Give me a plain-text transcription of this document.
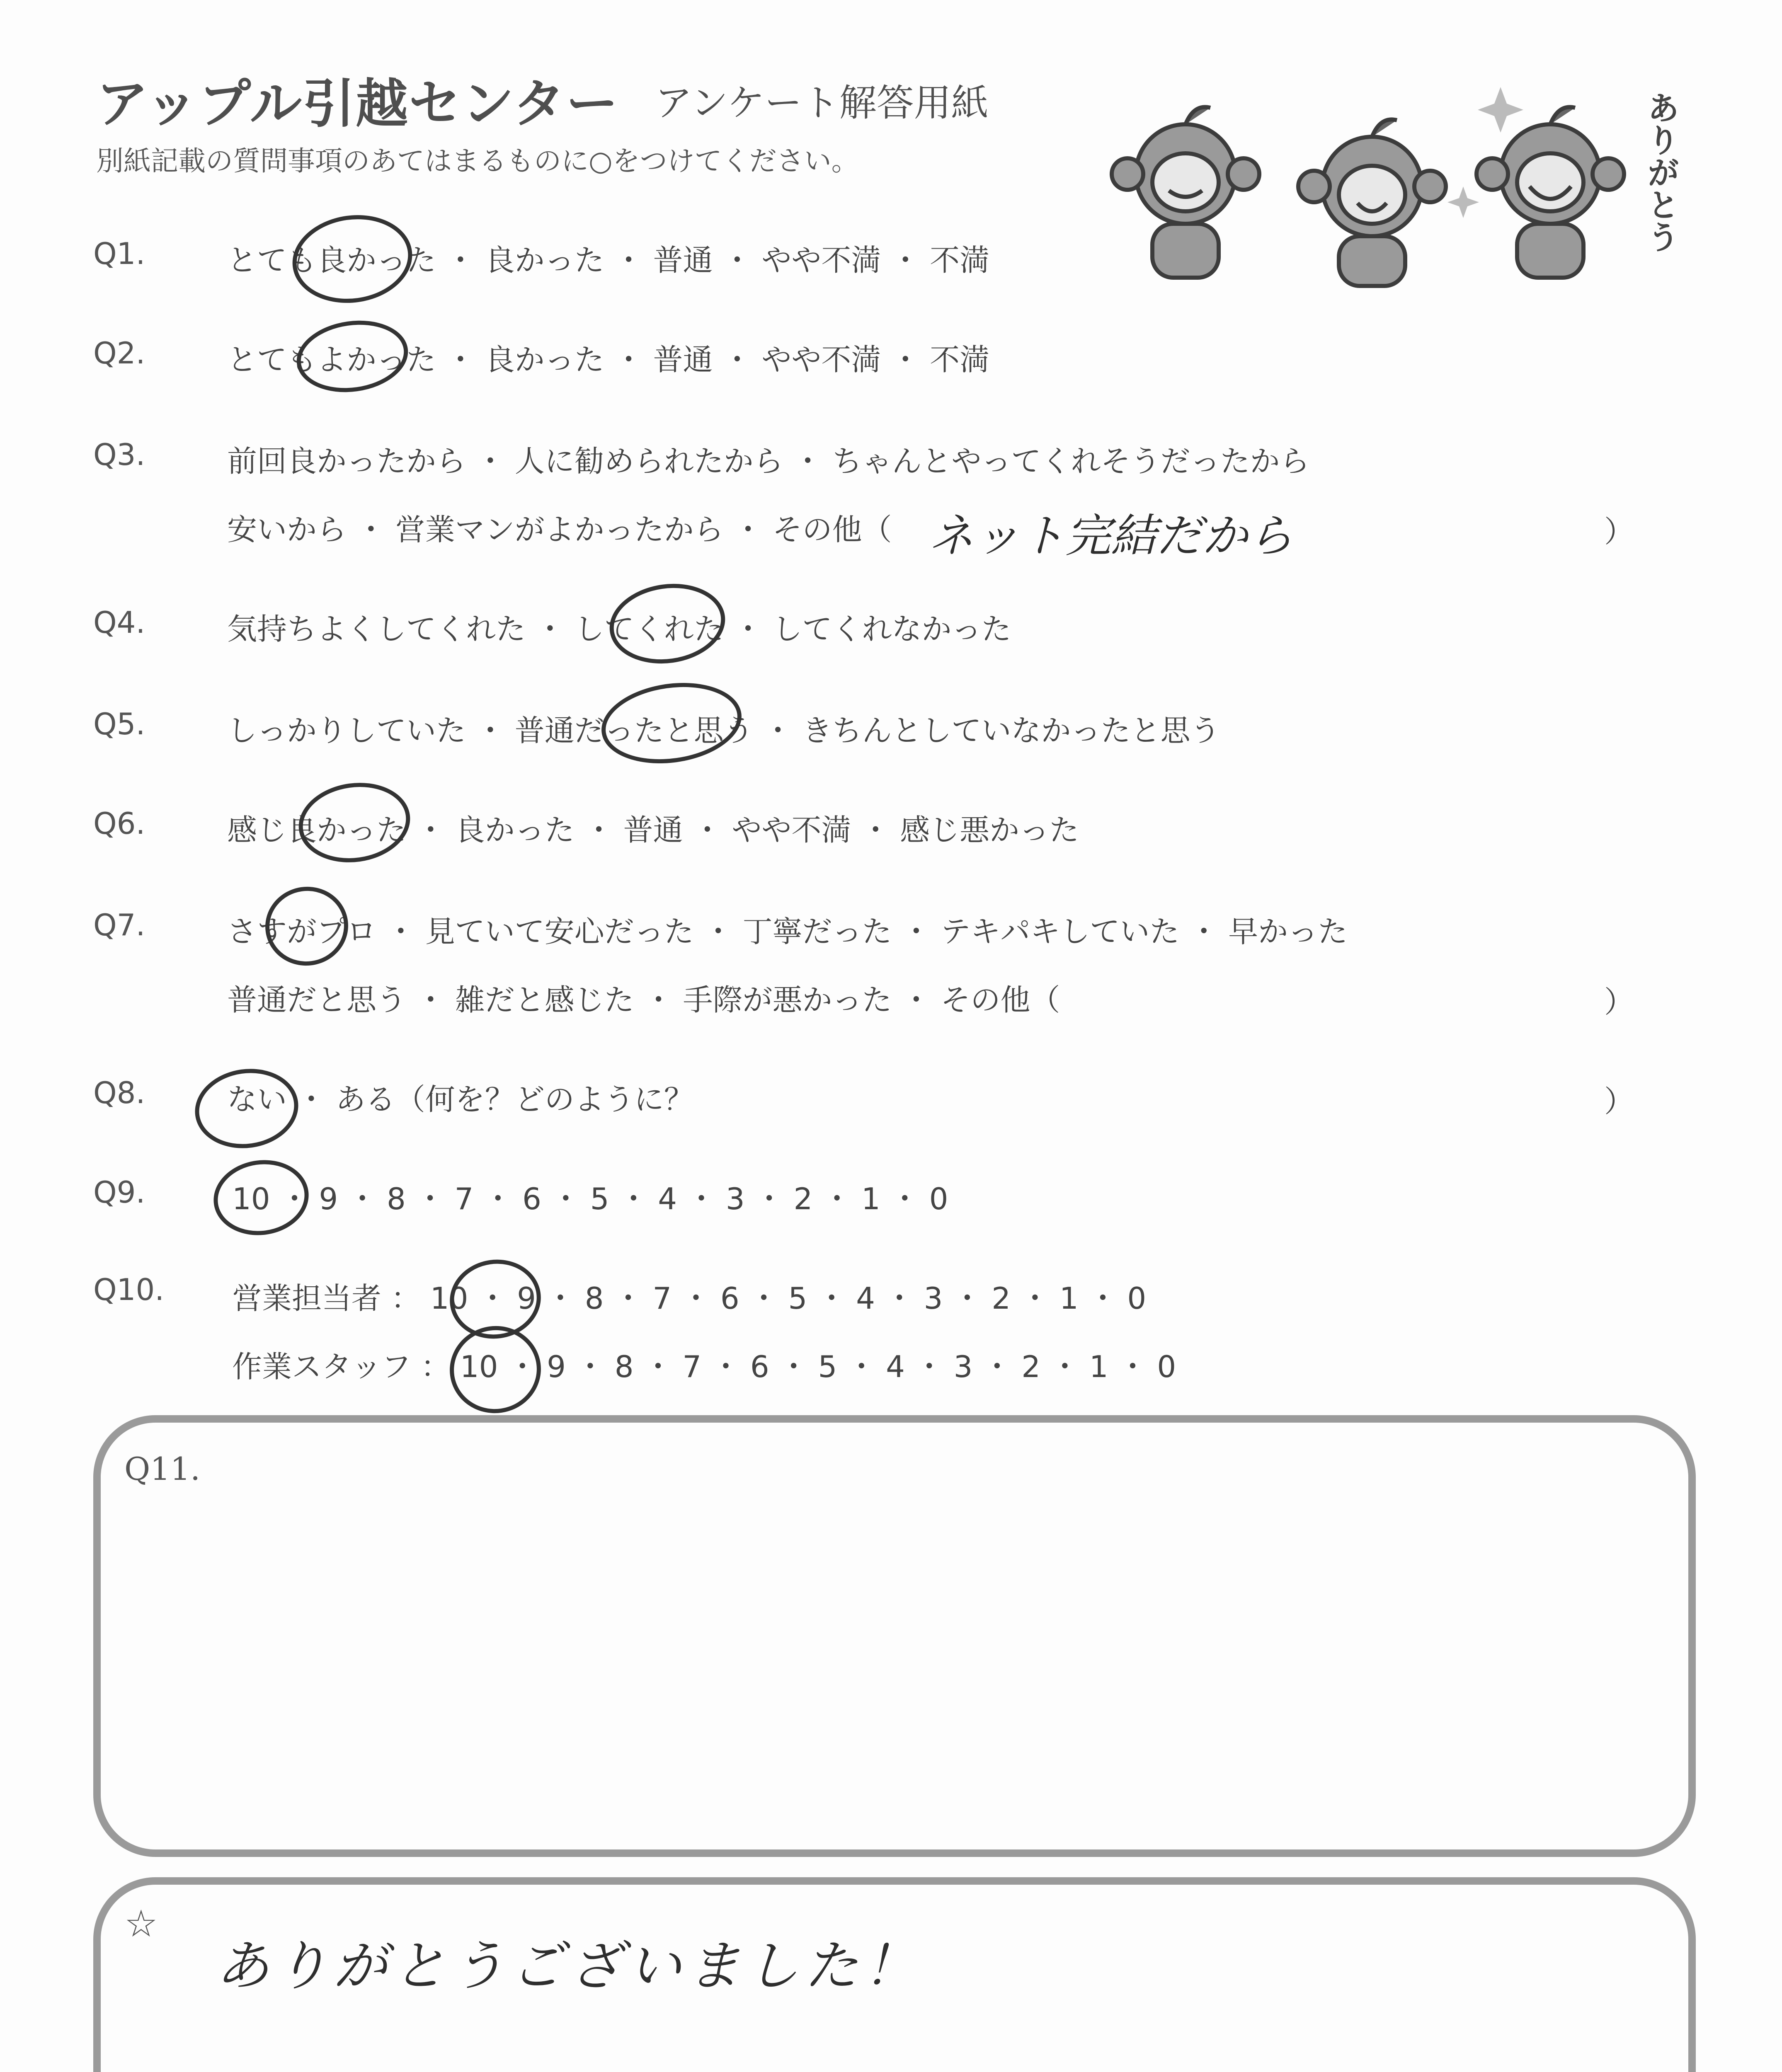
アップル引越センター アンケート解答用紙
別紙記載の質問事項のあてはまるものに○をつけてください。	ありがとう
Q1.	とても良かった ・ 良かった ・ 普通 ・ やや不満 ・ 不満
Q2.	とてもよかった ・ 良かった ・ 普通 ・ やや不満 ・ 不満
Q3.	前回良かったから ・ 人に勧められたから ・ ちゃんとやってくれそうだったから
安いから ・ 営業マンがよかったから ・ その他（ ネット完結だから	）
Q4.	気持ちよくしてくれた ・ してくれた ・ してくれなかった
Q5.	しっかりしていた ・ 普通だったと思う ・ きちんとしていなかったと思う
Q6.	感じ良かった ・ 良かった ・ 普通 ・ やや不満 ・ 感じ悪かった
Q7.	さすがプロ ・ 見ていて安心だった ・ 丁寧だった ・ テキパキしていた ・ 早かった
普通だと思う ・ 雑だと感じた ・ 手際が悪かった ・ その他（	）
Q8.	ない ・ ある（何を？どのように？	）
Q9.	10 ・ 9 ・ 8 ・ 7 ・ 6 ・ 5 ・ 4 ・ 3 ・ 2 ・ 1 ・ 0
Q10. 営業担当者 ： 10 ・ 9 ・ 8 ・ 7 ・ 6 ・ 5 ・ 4 ・ 3 ・ 2 ・ 1 ・ 0
作業スタッフ ： 10 ・ 9 ・ 8 ・ 7 ・ 6 ・ 5 ・ 4 ・ 3 ・ 2 ・ 1 ・ 0
Q11.
☆
ありがとうございました！
